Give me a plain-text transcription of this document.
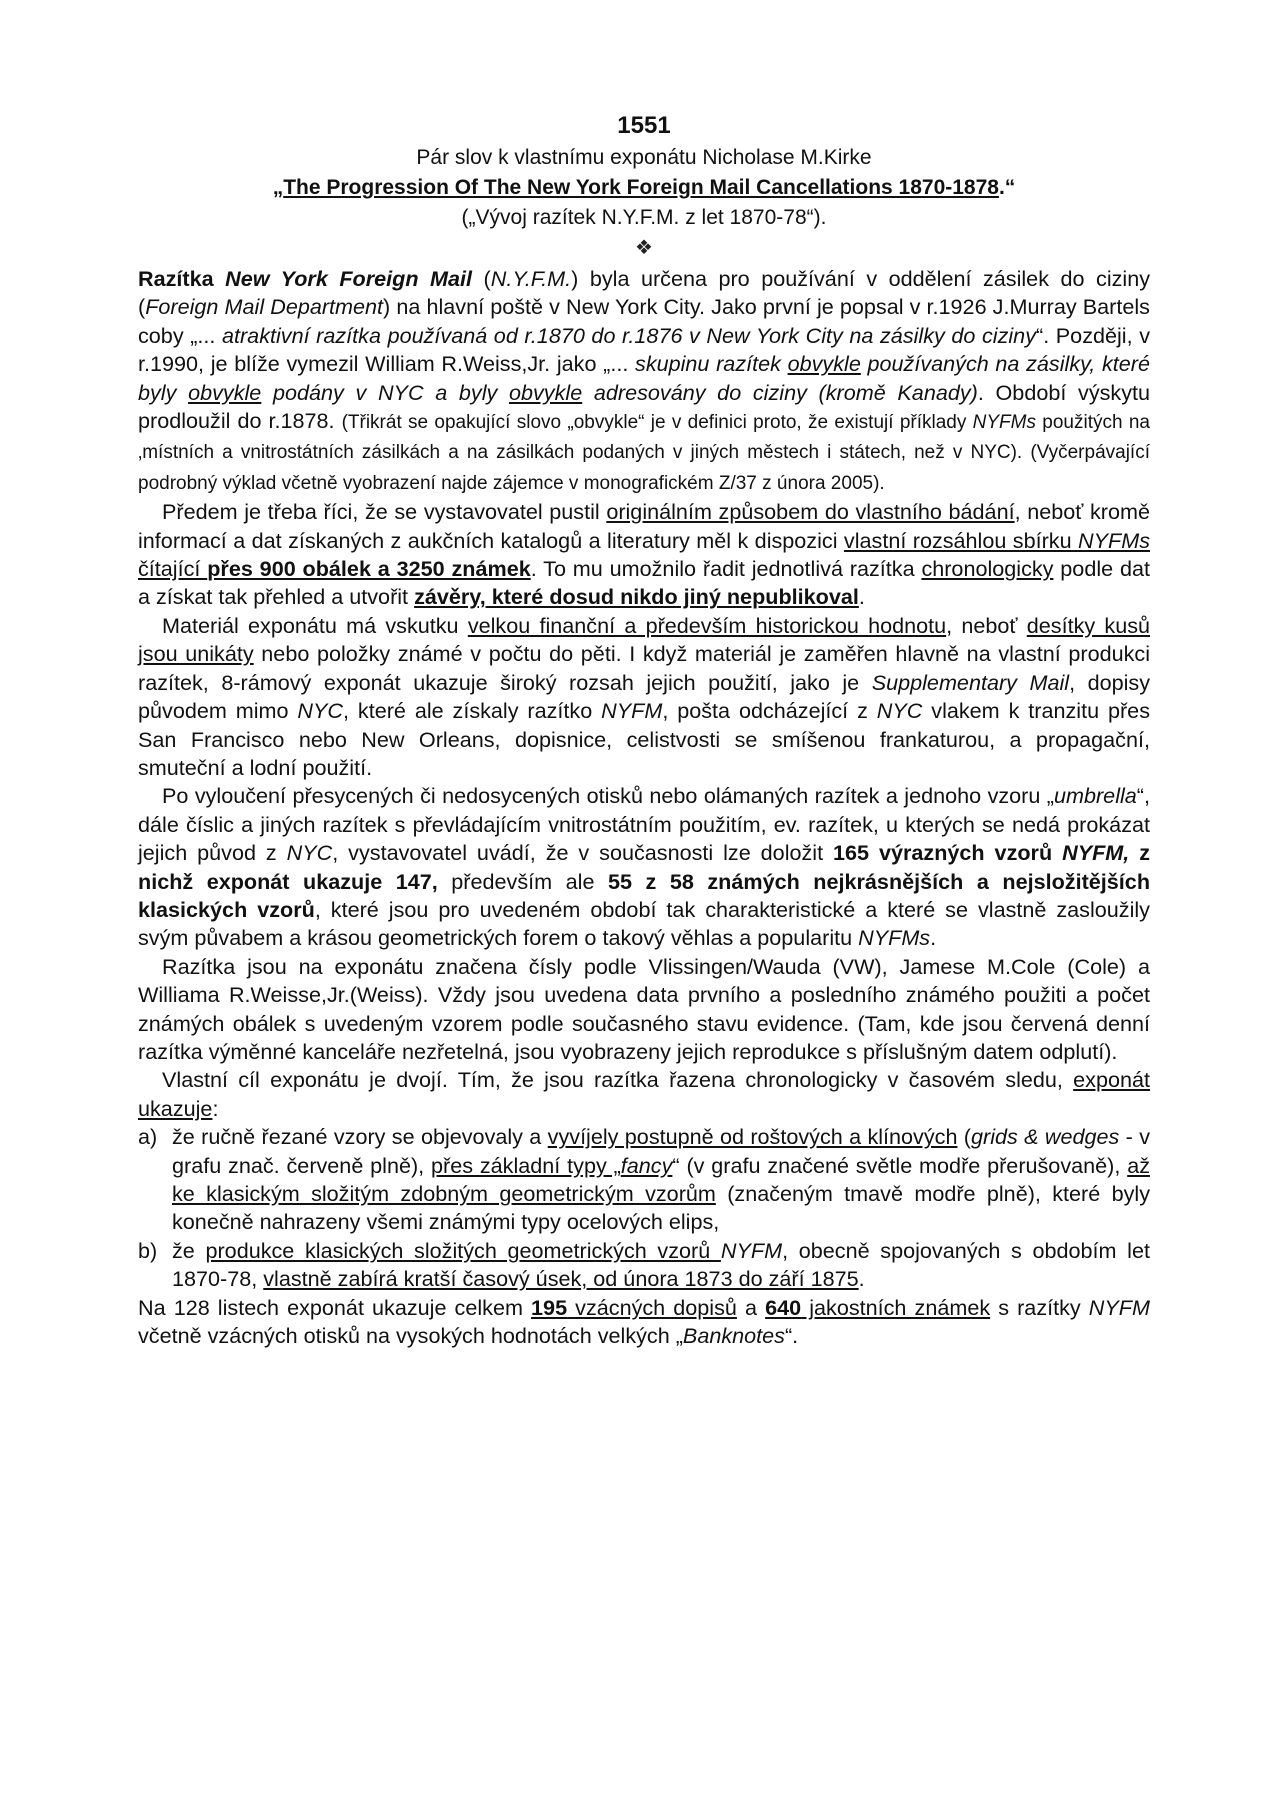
1551

Pár slov k vlastnímu exponátu Nicholase M.Kirke

„The Progression Of The New York Foreign Mail Cancellations 1870-1878.“

(„Vývoj razítek N.Y.F.M. z let 1870-78“).

❖

Razítka New York Foreign Mail (N.Y.F.M.) byla určena pro používání v oddělení zásilek do ciziny (Foreign Mail Department) na hlavní poště v New York City. Jako první je popsal v r.1926 J.Murray Bartels coby „... atraktivní razítka používaná od r.1870 do r.1876 v New York City na zásilky do ciziny“. Později, v r.1990, je blíže vymezil William R.Weiss,Jr. jako „... skupinu razítek obvykle používaných na zásilky, které byly obvykle podány v NYC a byly obvykle adresovány do ciziny (kromě Kanady). Období výskytu prodloužil do r.1878. (Třikrát se opakující slovo „obvykle“ je v definici proto, že existují příklady NYFMs použitých na ‚místních a vnitrostátních zásilkách a na zásilkách podaných v jiných městech i státech, než v NYC). (Vyčerpávající podrobný výklad včetně vyobrazení najde zájemce v monografickém Z/37 z února 2005).

Předem je třeba říci, že se vystavovatel pustil originálním způsobem do vlastního bádání, neboť kromě informací a dat získaných z aukčních katalogů a literatury měl k dispozici vlastní rozsáhlou sbírku NYFMs čítající přes 900 obálek a 3250 známek. To mu umožnilo řadit jednotlivá razítka chronologicky podle dat a získat tak přehled a utvořit závěry, které dosud nikdo jiný nepublikoval.

Materiál exponátu má vskutku velkou finanční a především historickou hodnotu, neboť desítky kusů jsou unikáty nebo položky známé v počtu do pěti. I když materiál je zaměřen hlavně na vlastní produkci razítek, 8-rámový exponát ukazuje široký rozsah jejich použití, jako je Supplementary Mail, dopisy původem mimo NYC, které ale získaly razítko NYFM, pošta odcházející z NYC vlakem k tranzitu přes San Francisco nebo New Orleans, dopisnice, celistvosti se smíšenou frankaturou, a propagační, smuteční a lodní použití.

Po vyloučení přesycených či nedosycených otisků nebo olámaných razítek a jednoho vzoru „umbrella“, dále číslic a jiných razítek s převládajícím vnitrostátním použitím, ev. razítek, u kterých se nedá prokázat jejich původ z NYC, vystavovatel uvádí, že v současnosti lze doložit 165 výrazných vzorů NYFM, z nichž exponát ukazuje 147, především ale 55 z 58 známých nejkrásnějších a nejsložitějších klasických vzorů, které jsou pro uvedeném období tak charakteristické a které se vlastně zasloužily svým půvabem a krásou geometrických forem o takový věhlas a popularitu NYFMs.

Razítka jsou na exponátu značena čísly podle Vlissingen/Wauda (VW), Jamese M.Cole (Cole) a Williama R.Weisse,Jr.(Weiss). Vždy jsou uvedena data prvního a posledního známého použiti a počet známých obálek s uvedeným vzorem podle současného stavu evidence. (Tam, kde jsou červená denní razítka výměnné kanceláře nezřetelná, jsou vyobrazeny jejich reprodukce s příslušným datem odplutí).

Vlastní cíl exponátu je dvojí. Tím, že jsou razítka řazena chronologicky v časovém sledu, exponát ukazuje:

a) že ručně řezané vzory se objevovaly a vyvíjely postupně od roštových a klínových (grids & wedges - v grafu znač. červeně plně), přes základní typy „fancy“ (v grafu značené světle modře přerušovaně), až ke klasickým složitým zdobným geometrickým vzorům (značeným tmavě modře plně), které byly konečně nahrazeny všemi známými typy ocelových elips,
b) že produkce klasických složitých geometrických vzorů NYFM, obecně spojovaných s obdobím let 1870-78, vlastně zabírá kratší časový úsek, od února 1873 do září 1875.

Na 128 listech exponát ukazuje celkem 195 vzácných dopisů a 640 jakostních známek s razítky NYFM včetně vzácných otisků na vysokých hodnotách velkých „Banknotes“.
